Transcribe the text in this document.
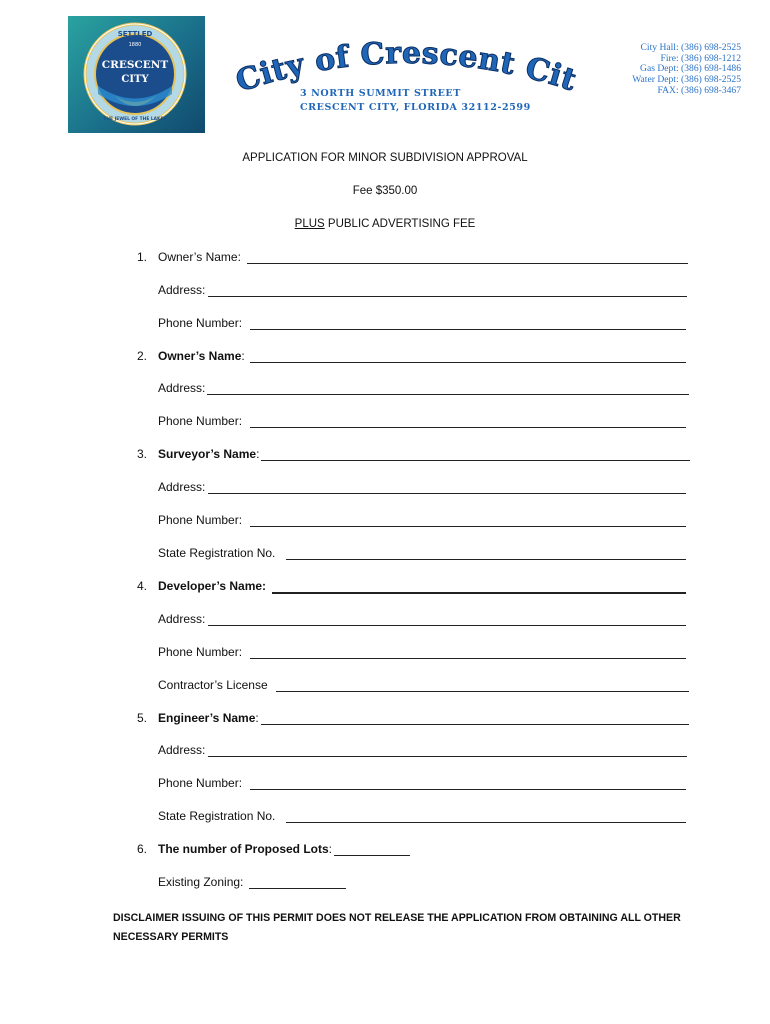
SETTLED
1880
CRESCENT
CITY
THE JEWEL OF THE LAKES
City of Crescent City
3 NORTH SUMMIT STREET
CRESCENT CITY, FLORIDA 32112-2599
City Hall: (386) 698-2525
Fire: (386) 698-1212
Gas Dept: (386) 698-1486
Water Dept: (386) 698-2525
FAX: (386) 698-3467
APPLICATION FOR MINOR SUBDIVISION APPROVAL
Fee $350.00
PLUS PUBLIC ADVERTISING FEE
1. Owner’s Name:
Address:
Phone Number:
2. Owner’s Name:
Address:
Phone Number:
3. Surveyor’s Name:
Address:
Phone Number:
State Registration No.
4. Developer’s Name:
Address:
Phone Number:
Contractor’s License
5. Engineer’s Name:
Address:
Phone Number:
State Registration No.
6. The number of Proposed Lots:
Existing Zoning:
DISCLAIMER ISSUING OF THIS PERMIT DOES NOT RELEASE THE APPLICATION FROM OBTAINING ALL OTHER
NECESSARY PERMITS
